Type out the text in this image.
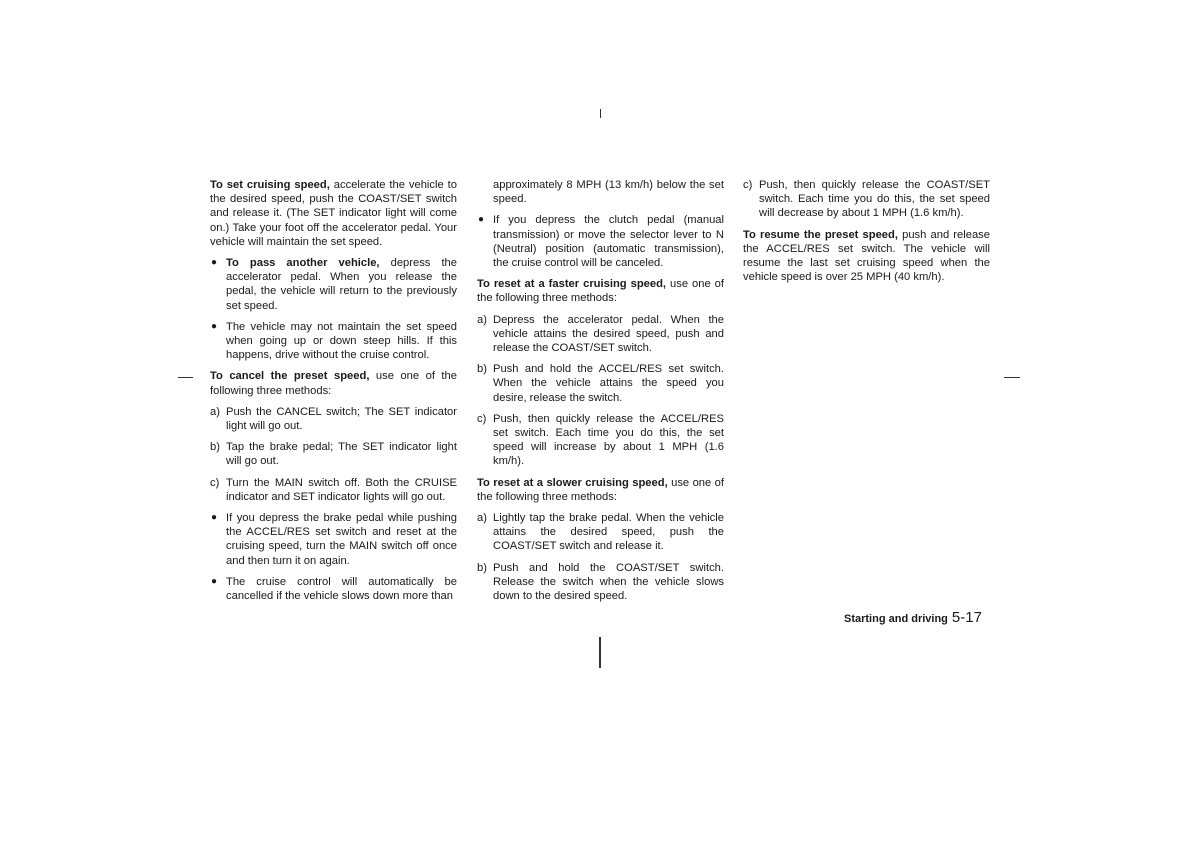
To set cruising speed, accelerate the vehicle to the desired speed, push the COAST/SET switch and release it. (The SET indicator light will come on.) Take your foot off the accelerator pedal. Your vehicle will maintain the set speed.

● To pass another vehicle, depress the accelerator pedal. When you release the pedal, the vehicle will return to the previously set speed.
● The vehicle may not maintain the set speed when going up or down steep hills. If this happens, drive without the cruise control.

To cancel the preset speed, use one of the following three methods:

a) Push the CANCEL switch; The SET indicator light will go out.
b) Tap the brake pedal; The SET indicator light will go out.
c) Turn the MAIN switch off. Both the CRUISE indicator and SET indicator lights will go out.
● If you depress the brake pedal while pushing the ACCEL/RES set switch and reset at the cruising speed, turn the MAIN switch off once and then turn it on again.
● The cruise control will automatically be cancelled if the vehicle slows down more than
approximately 8 MPH (13 km/h) below the set speed.
● If you depress the clutch pedal (manual transmission) or move the selector lever to N (Neutral) position (automatic transmission), the cruise control will be canceled.

To reset at a faster cruising speed, use one of the following three methods:

a) Depress the accelerator pedal. When the vehicle attains the desired speed, push and release the COAST/SET switch.
b) Push and hold the ACCEL/RES set switch. When the vehicle attains the speed you desire, release the switch.
c) Push, then quickly release the ACCEL/RES set switch. Each time you do this, the set speed will increase by about 1 MPH (1.6 km/h).

To reset at a slower cruising speed, use one of the following three methods:

a) Lightly tap the brake pedal. When the vehicle attains the desired speed, push the COAST/SET switch and release it.
b) Push and hold the COAST/SET switch. Release the switch when the vehicle slows down to the desired speed.
c) Push, then quickly release the COAST/SET switch. Each time you do this, the set speed will decrease by about 1 MPH (1.6 km/h).

To resume the preset speed, push and release the ACCEL/RES set switch. The vehicle will resume the last set cruising speed when the vehicle speed is over 25 MPH (40 km/h).

Starting and driving 5-17
